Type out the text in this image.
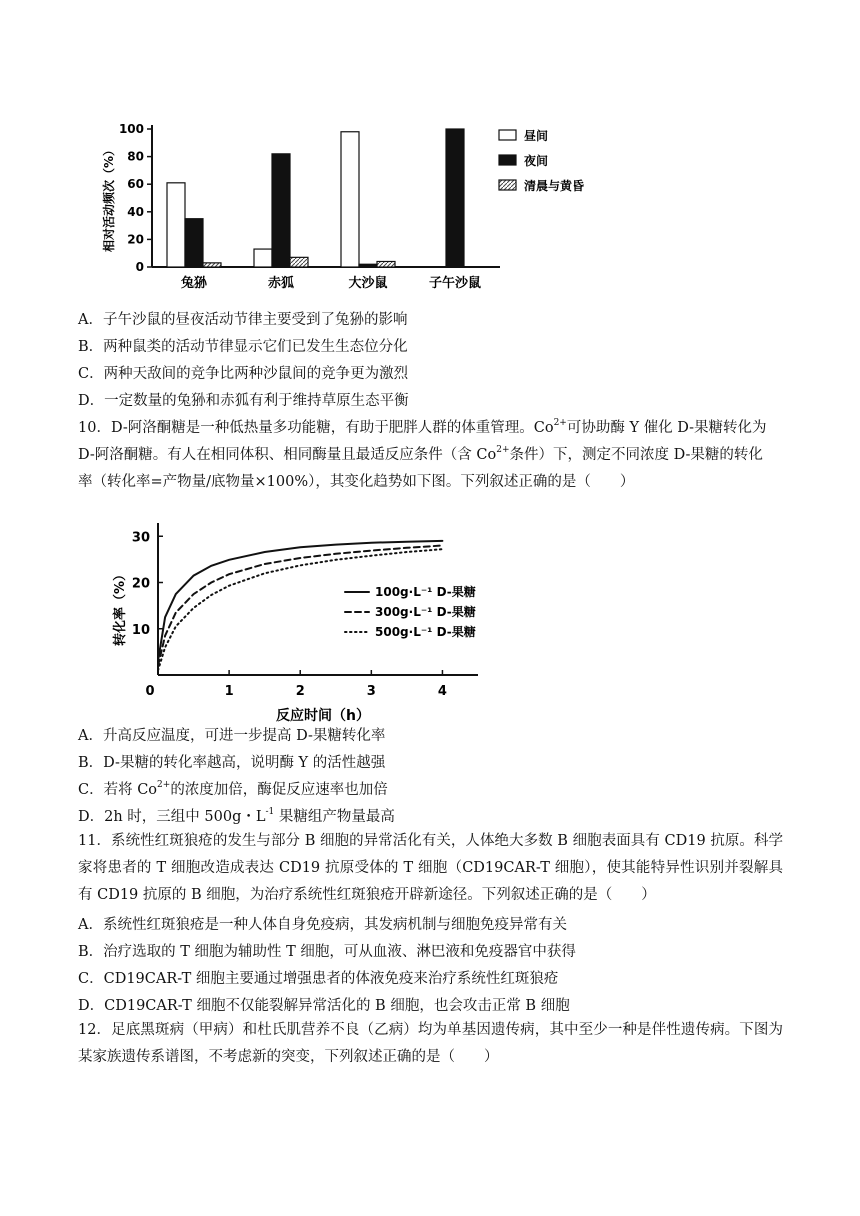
0
20
40
60
80
100
相对活动频次（%）
兔狲	赤狐	大沙鼠	子午沙鼠
昼间
夜间
清晨与黄昏
A．子午沙鼠的昼夜活动节律主要受到了兔狲的影响
B．两种鼠类的活动节律显示它们已发生生态位分化
C．两种天敌间的竞争比两种沙鼠间的竞争更为激烈
D．一定数量的兔狲和赤狐有利于维持草原生态平衡
10．D-阿洛酮糖是一种低热量多功能糖，有助于肥胖人群的体重管理。$Co^{2+}$可协助酶 Y 催化 D-果糖转化为
D-阿洛酮糖。有人在相同体积、相同酶量且最适反应条件（含 $Co^{2+}$条件）下，测定不同浓度 D-果糖的转化
率（转化率=产物量/底物量×100%），其变化趋势如下图。下列叙述正确的是（　　）
10
20
30
0	1	2	3	4
转化率（%）
反应时间（h）
100g·L⁻¹ D-果糖
300g·L⁻¹ D-果糖
500g·L⁻¹ D-果糖
A．升高反应温度，可进一步提高 D-果糖转化率
B．D-果糖的转化率越高，说明酶 Y 的活性越强
C．若将 $Co^{2+}$的浓度加倍，酶促反应速率也加倍
D．2h 时，三组中 500g・$L^{-1}$ 果糖组产物量最高
11．系统性红斑狼疮的发生与部分 B 细胞的异常活化有关，人体绝大多数 B 细胞表面具有 CD19 抗原。科学家将患者的 T 细胞改造成表达 CD19 抗原受体的 T 细胞（CD19CAR-T 细胞），使其能特异性识别并裂解具有 CD19 抗原的 B 细胞，为治疗系统性红斑狼疮开辟新途径。下列叙述正确的是（　　）
A．系统性红斑狼疮是一种人体自身免疫病，其发病机制与细胞免疫异常有关
B．治疗选取的 T 细胞为辅助性 T 细胞，可从血液、淋巴液和免疫器官中获得
C．CD19CAR-T 细胞主要通过增强患者的体液免疫来治疗系统性红斑狼疮
D．CD19CAR-T 细胞不仅能裂解异常活化的 B 细胞，也会攻击正常 B 细胞
12．足底黑斑病（甲病）和杜氏肌营养不良（乙病）均为单基因遗传病，其中至少一种是伴性遗传病。下图为某家族遗传系谱图，不考虑新的突变，下列叙述正确的是（　　）
